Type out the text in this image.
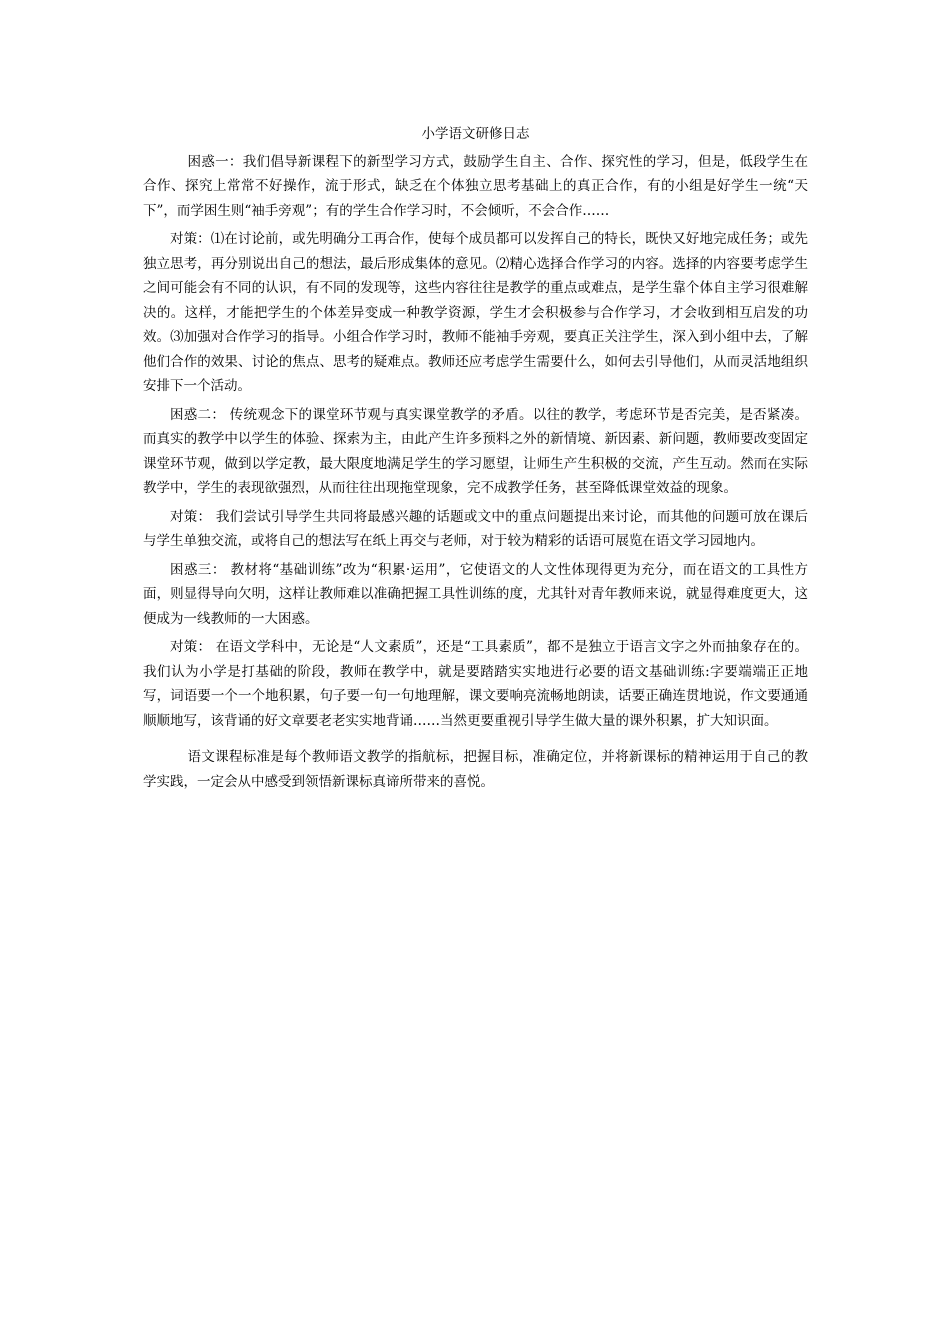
小学语文研修日志

困惑一：我们倡导新课程下的新型学习方式，鼓励学生自主、合作、探究性的学习，但是，低段学生在合作、探究上常常不好操作，流于形式，缺乏在个体独立思考基础上的真正合作，有的小组是好学生一统“天下”，而学困生则“袖手旁观”；有的学生合作学习时，不会倾听，不会合作……

对策：⑴在讨论前，或先明确分工再合作，使每个成员都可以发挥自己的特长，既快又好地完成任务；或先独立思考，再分别说出自己的想法，最后形成集体的意见。⑵精心选择合作学习的内容。选择的内容要考虑学生之间可能会有不同的认识，有不同的发现等，这些内容往往是教学的重点或难点，是学生靠个体自主学习很难解决的。这样，才能把学生的个体差异变成一种教学资源，学生才会积极参与合作学习，才会收到相互启发的功效。⑶加强对合作学习的指导。小组合作学习时，教师不能袖手旁观，要真正关注学生，深入到小组中去，了解他们合作的效果、讨论的焦点、思考的疑难点。教师还应考虑学生需要什么，如何去引导他们，从而灵活地组织安排下一个活动。

困惑二： 传统观念下的课堂环节观与真实课堂教学的矛盾。以往的教学，考虑环节是否完美，是否紧凑。而真实的教学中以学生的体验、探索为主，由此产生许多预料之外的新情境、新因素、新问题，教师要改变固定课堂环节观，做到以学定教，最大限度地满足学生的学习愿望，让师生产生积极的交流，产生互动。然而在实际教学中，学生的表现欲强烈，从而往往出现拖堂现象，完不成教学任务，甚至降低课堂效益的现象。

对策： 我们尝试引导学生共同将最感兴趣的话题或文中的重点问题提出来讨论，而其他的问题可放在课后与学生单独交流，或将自己的想法写在纸上再交与老师，对于较为精彩的话语可展览在语文学习园地内。

困惑三： 教材将“基础训练”改为“积累·运用”，它使语文的人文性体现得更为充分，而在语文的工具性方面，则显得导向欠明，这样让教师难以准确把握工具性训练的度，尤其针对青年教师来说，就显得难度更大，这便成为一线教师的一大困惑。

对策： 在语文学科中，无论是“人文素质”，还是“工具素质”，都不是独立于语言文字之外而抽象存在的。我们认为小学是打基础的阶段，教师在教学中，就是要踏踏实实地进行必要的语文基础训练:字要端端正正地写，词语要一个一个地积累，句子要一句一句地理解，课文要响亮流畅地朗读，话要正确连贯地说，作文要通通顺顺地写，该背诵的好文章要老老实实地背诵……当然更要重视引导学生做大量的课外积累，扩大知识面。

语文课程标准是每个教师语文教学的指航标，把握目标，准确定位，并将新课标的精神运用于自己的教学实践，一定会从中感受到领悟新课标真谛所带来的喜悦。
